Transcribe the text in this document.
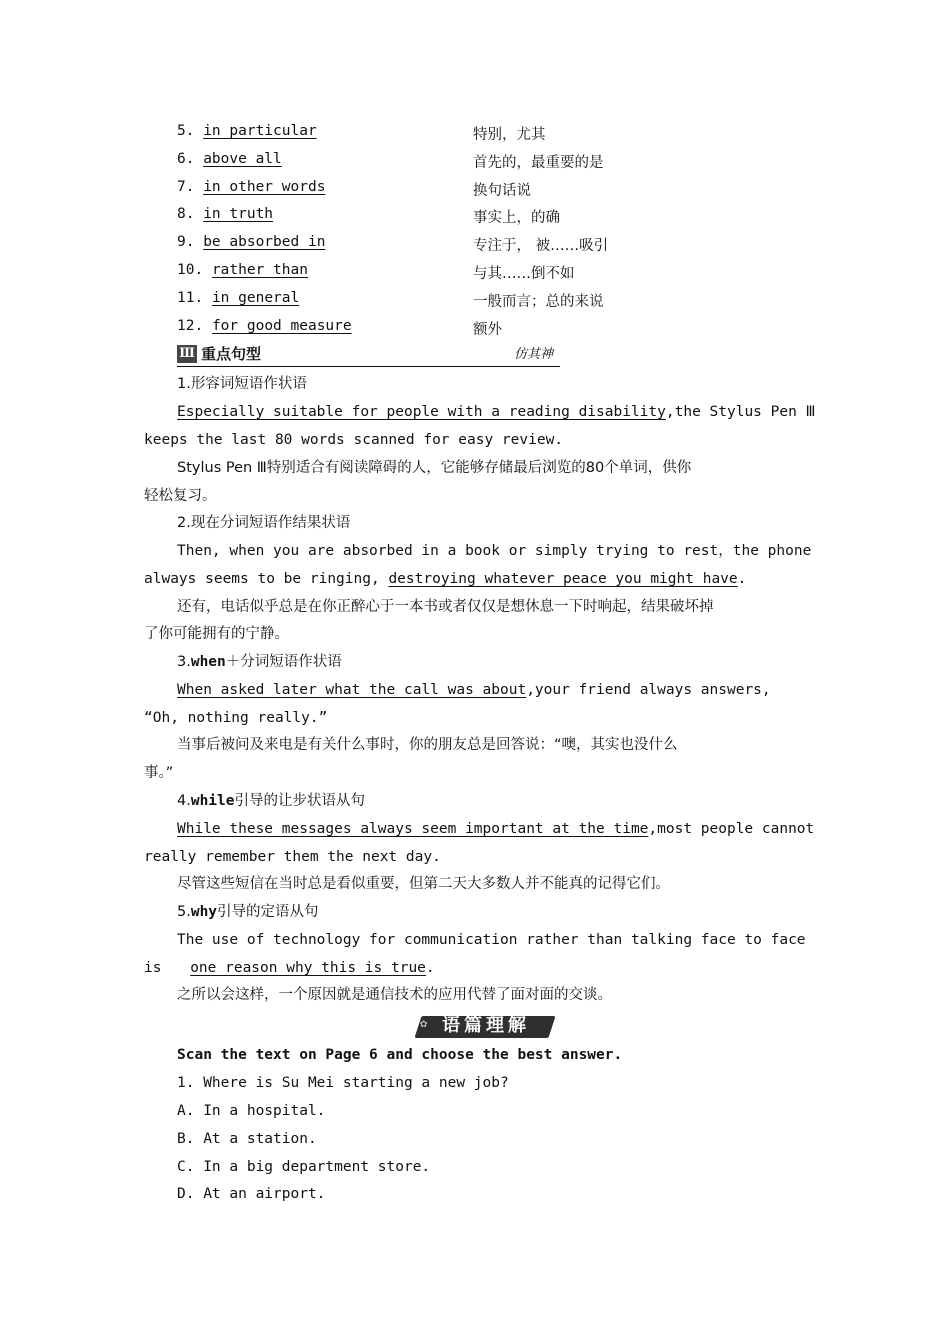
5. in particular	特别，尤其
6. above all	首先的，最重要的是
7. in other words	换句话说
8. in truth	事实上，的确
9. be absorbed in	专注于， 被……吸引
10. rather than	与其……倒不如
11. in general	一般而言；总的来说
12. for good measure	额外
Ⅲ 重点句型	仿其神
1.形容词短语作状语
Especially suitable for people with a reading disability,the Stylus Pen Ⅲ
keeps the last 80 words scanned for easy review.
Stylus Pen Ⅲ特别适合有阅读障碍的人，它能够存储最后浏览的80个单词，供你
轻松复习。
2.现在分词短语作结果状语
Then, when you are absorbed in a book or simply trying to rest，the phone
always seems to be ringing, destroying whatever peace you might have.
还有，电话似乎总是在你正醉心于一本书或者仅仅是想休息一下时响起，结果破坏掉
了你可能拥有的宁静。
3.when＋分词短语作状语
When asked later what the call was about,your friend always answers,
“Oh, nothing really.”
当事后被问及来电是有关什么事时，你的朋友总是回答说：“噢，其实也没什么
事。”
4.while引导的让步状语从句
While these messages always seem important at the time,most people cannot
really remember them the next day.
尽管这些短信在当时总是看似重要，但第二天大多数人并不能真的记得它们。
5.why引导的定语从句
The use of technology for communication rather than talking face to face
is one reason why this is true.
之所以会这样，一个原因就是通信技术的应用代替了面对面的交谈。
✿ 语篇理解
Scan the text on Page 6 and choose the best answer.
1. Where is Su Mei starting a new job?
A. In a hospital.
B. At a station.
C. In a big department store.
D. At an airport.
